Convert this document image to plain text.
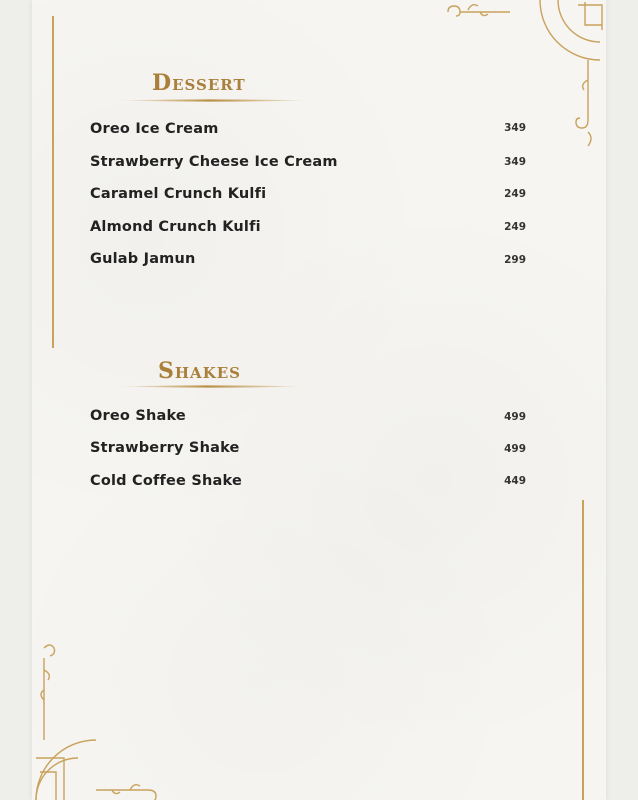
Dessert
Oreo Ice Cream	349
Strawberry Cheese Ice Cream	349
Caramel Crunch Kulfi	249
Almond Crunch Kulfi	249
Gulab Jamun	299
Shakes
Oreo Shake	499
Strawberry Shake	499
Cold Coffee Shake	449
